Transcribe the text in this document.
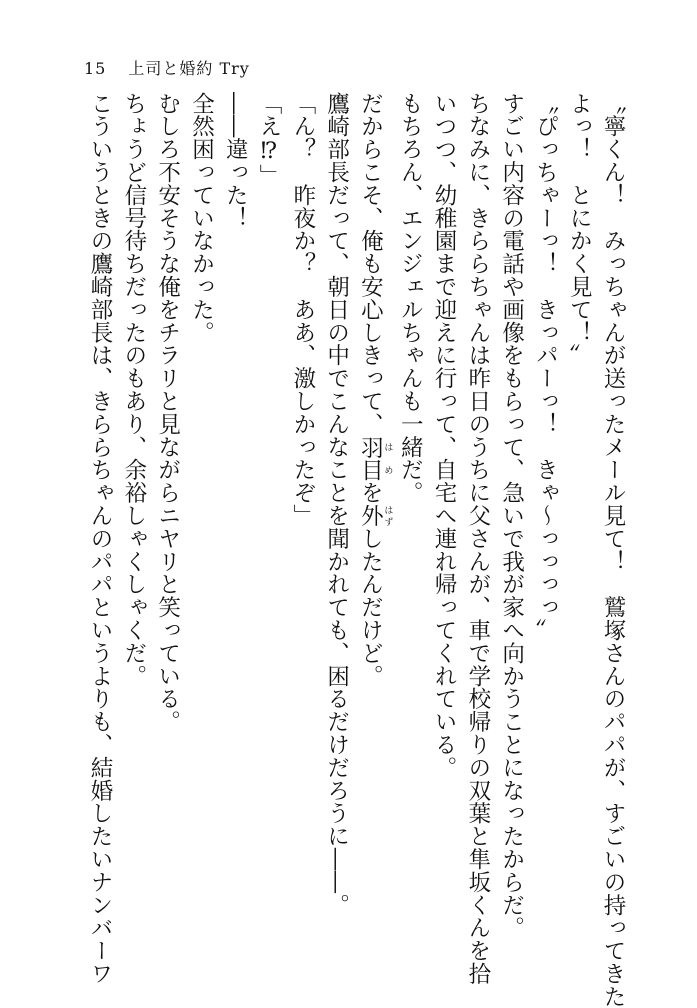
15 上司と婚約 Try

〝寧くん！　みっちゃんが送ったメール見て！　鷲塚さんのパパが、すごいの持ってきた

よっ！　とにかく見て！〟

〝ぴっちゃーっ！　きっパーっ！　きゃ〜っっっっ〟

すごい内容の電話や画像をもらって、急いで我が家へ向かうことになったからだ。

ちなみに、きららちゃんは昨日のうちに父さんが、車で学校帰りの双葉と隼坂くんを拾

いつつ、幼稚園まで迎えに行って、自宅へ連れ帰ってくれている。

もちろん、エンジェルちゃんも一緒だ。

だからこそ、俺も安心しきって、羽目 はめを外 はずしたんだけど。

鷹崎部長だって、朝日の中でこんなことを聞かれても、困るだけだろうに――。

「ん？　昨夜か？　ああ、激しかったぞ」

「え⁉」

――違った！

全然困っていなかった。

むしろ不安そうな俺をチラリと見ながらニヤリと笑っている。

ちょうど信号待ちだったのもあり、余裕しゃくしゃくだ。

こういうときの鷹崎部長は、きららちゃんのパパというよりも、結婚したいナンバーワ
